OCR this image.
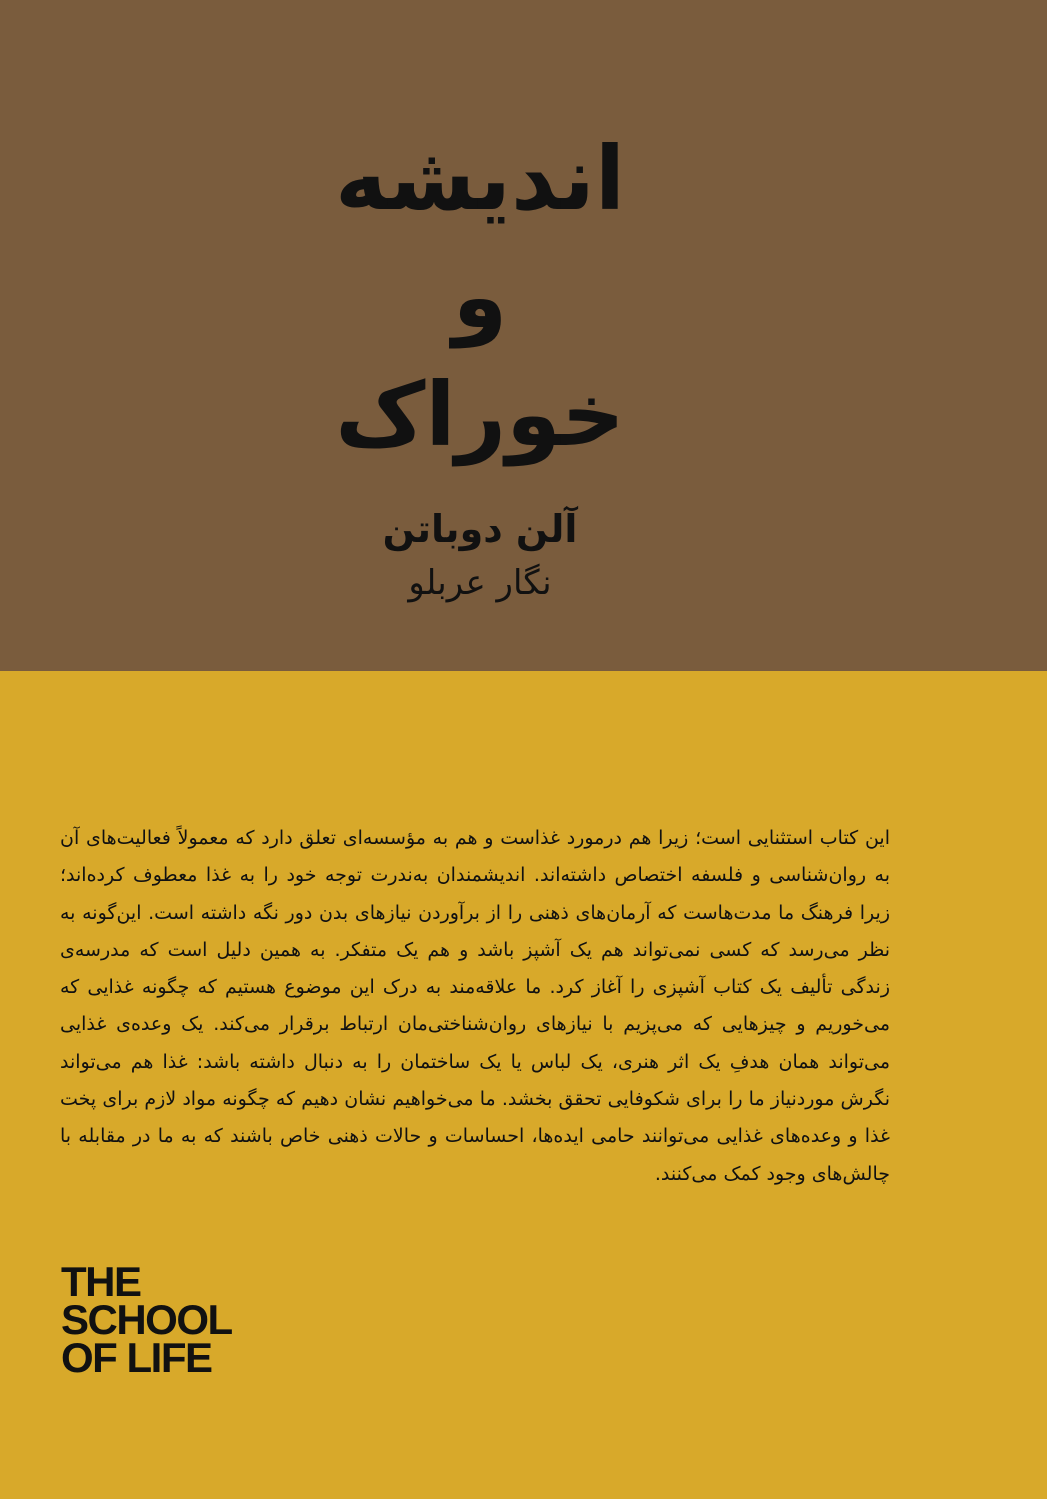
اندیشه
و
خوراک
آلن دوباتن
نگار عربلو
این کتاب استثنایی است؛ زیرا هم درمورد غذاست و هم به مؤسسه‌ای تعلق دارد که معمولاً فعالیت‌های آن به روان‌شناسی و فلسفه اختصاص داشته‌اند. اندیشمندان به‌ندرت توجه خود را به غذا معطوف کرده‌اند؛ زیرا فرهنگ ما مدت‌هاست که آرمان‌های ذهنی را از برآوردن نیازهای بدن دور نگه داشته است. این‌گونه به نظر می‌رسد که کسی نمی‌تواند هم یک آشپز باشد و هم یک متفکر. به همین دلیل است که مدرسه‌ی زندگی تألیف یک کتاب آشپزی را آغاز کرد. ما علاقه‌مند به درک این موضوع هستیم که چگونه غذایی که می‌خوریم و چیزهایی که می‌پزیم با نیازهای روان‌شناختی‌مان ارتباط برقرار می‌کند. یک وعده‌ی غذایی می‌تواند همان هدفِ یک اثر هنری، یک لباس یا یک ساختمان را به دنبال داشته باشد: غذا هم می‌تواند نگرش موردنیاز ما را برای شکوفایی تحقق بخشد. ما می‌خواهیم نشان دهیم که چگونه مواد لازم برای پخت غذا و وعده‌های غذایی می‌توانند حامی ایده‌ها، احساسات و حالات ذهنی خاص باشند که به ما در مقابله با چالش‌های وجود کمک می‌کنند.
THE
SCHOOL
OF LIFE
